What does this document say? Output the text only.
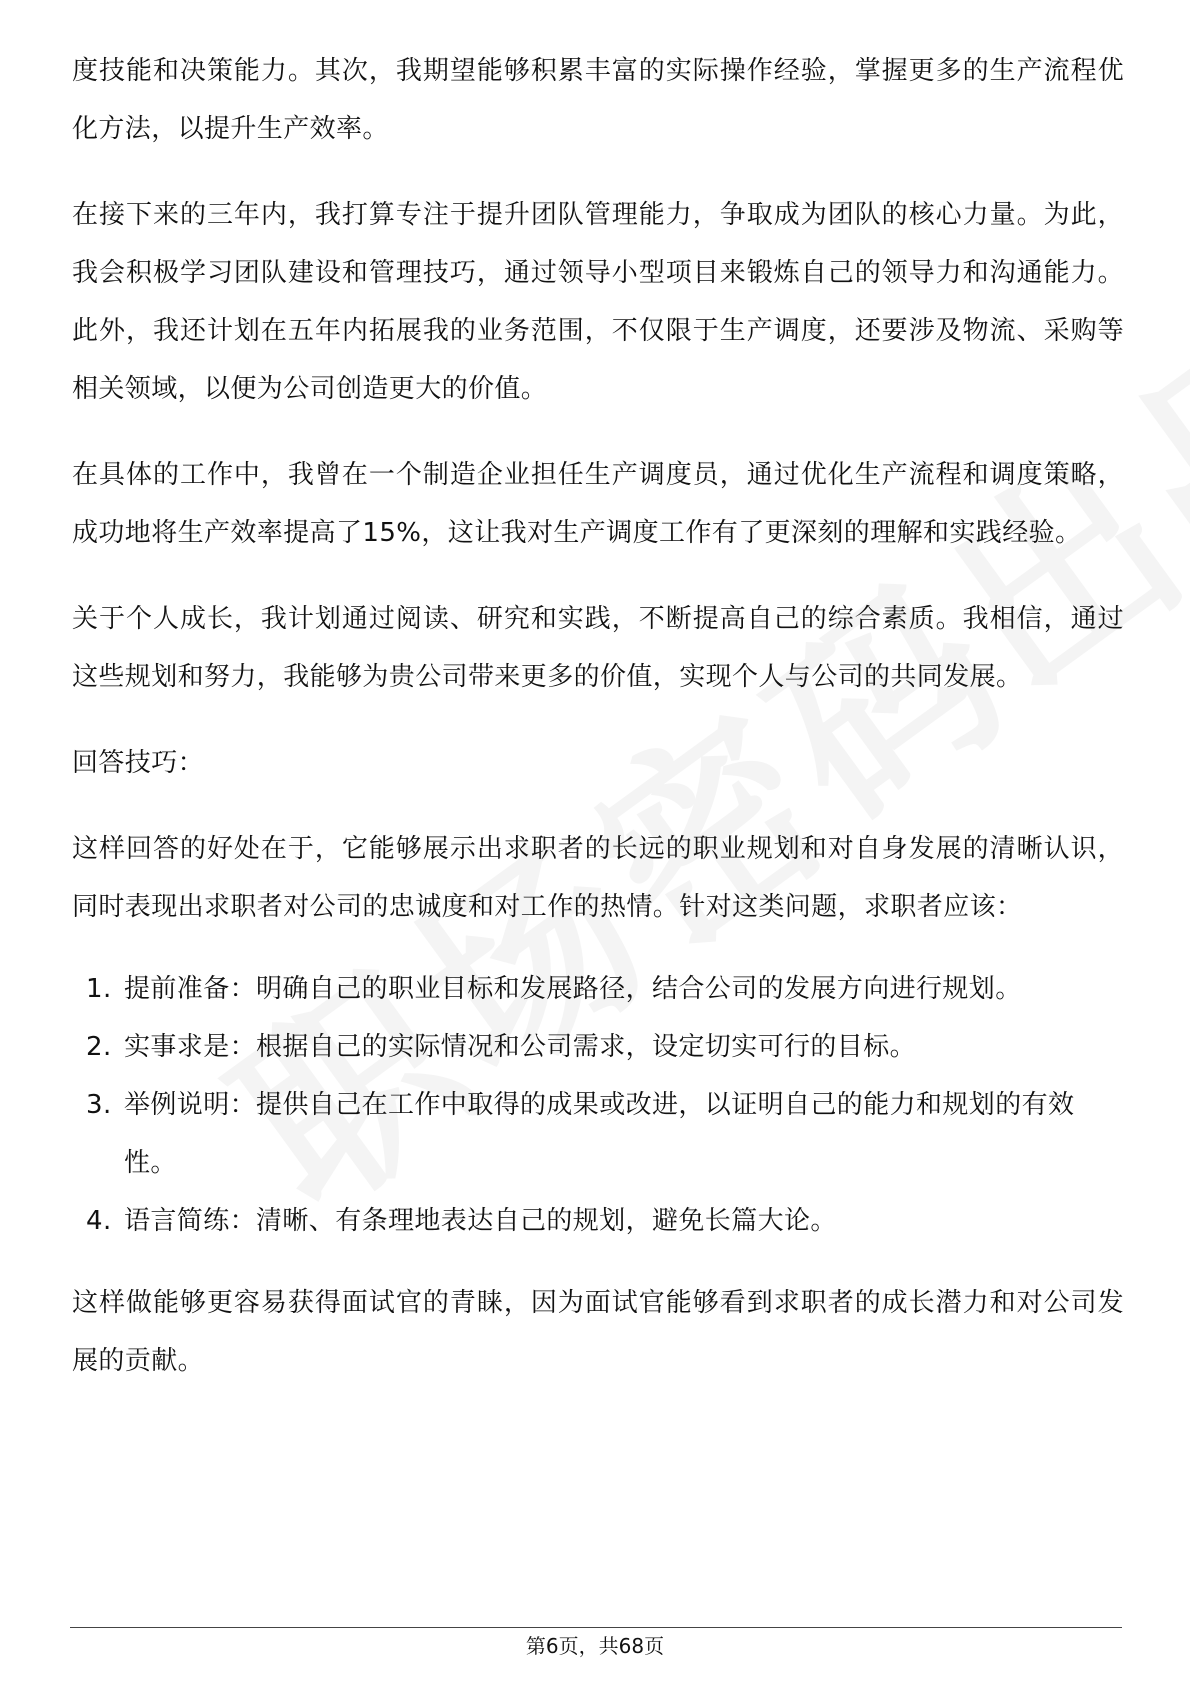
度技能和决策能力。其次，我期望能够积累丰富的实际操作经验，掌握更多的生产流程优化方法，以提升生产效率。

在接下来的三年内，我打算专注于提升团队管理能力，争取成为团队的核心力量。为此，我会积极学习团队建设和管理技巧，通过领导小型项目来锻炼自己的领导力和沟通能力。此外，我还计划在五年内拓展我的业务范围，不仅限于生产调度，还要涉及物流、采购等相关领域，以便为公司创造更大的价值。

在具体的工作中，我曾在一个制造企业担任生产调度员，通过优化生产流程和调度策略，成功地将生产效率提高了15%，这让我对生产调度工作有了更深刻的理解和实践经验。

关于个人成长，我计划通过阅读、研究和实践，不断提高自己的综合素质。我相信，通过这些规划和努力，我能够为贵公司带来更多的价值，实现个人与公司的共同发展。

回答技巧：

这样回答的好处在于，它能够展示出求职者的长远的职业规划和对自身发展的清晰认识，同时表现出求职者对公司的忠诚度和对工作的热情。针对这类问题，求职者应该：

1. 提前准备：明确自己的职业目标和发展路径，结合公司的发展方向进行规划。
2. 实事求是：根据自己的实际情况和公司需求，设定切实可行的目标。
3. 举例说明：提供自己在工作中取得的成果或改进，以证明自己的能力和规划的有效性。
4. 语言简练：清晰、有条理地表达自己的规划，避免长篇大论。

这样做能够更容易获得面试官的青睐，因为面试官能够看到求职者的成长潜力和对公司发展的贡献。

第6页，共68页
